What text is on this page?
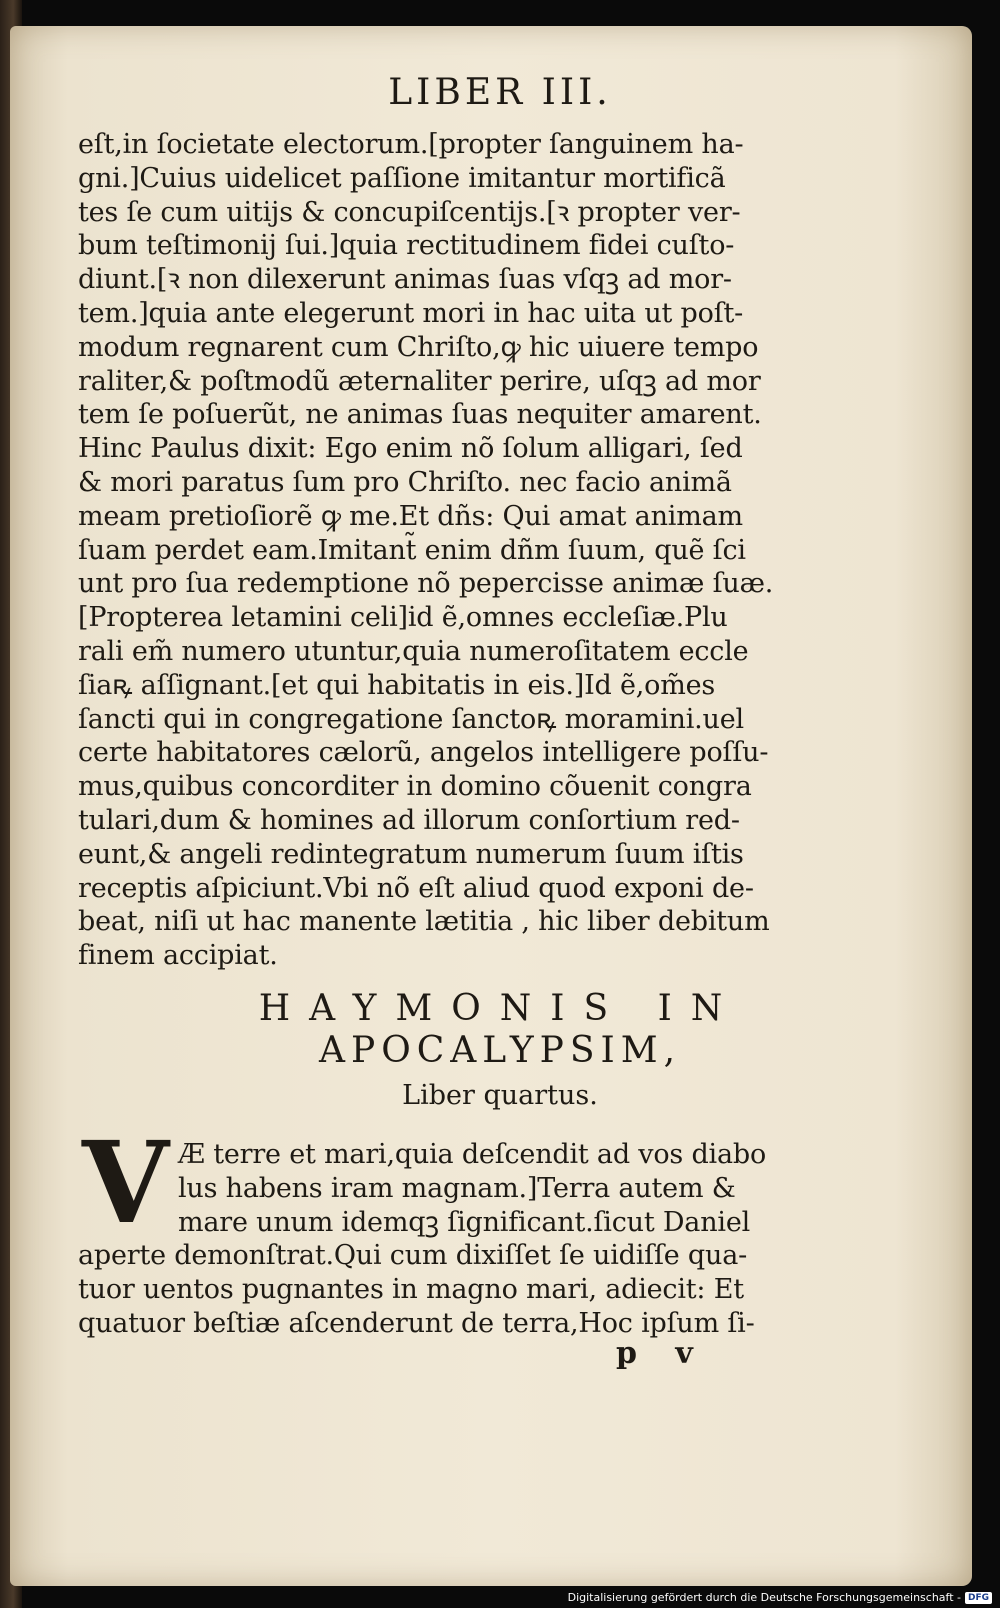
LIBER III.
eſt,in ſocietate electorum.[propter ſanguinem ha-
gni.]Cuius uidelicet paſſione imitantur mortificã
tes ſe cum uitijs & concupiſcentijs.[ꝛ propter ver-
bum teſtimonij ſui.]quia rectitudinem fidei cuſto-
diunt.[ꝛ non dilexerunt animas ſuas vſqꝫ ad mor-
tem.]quia ante elegerunt mori in hac uita ut poſt-
modum regnarent cum Chriſto,ꝙ hic uiuere tempo
raliter,& poſtmodũ æternaliter perire, uſqꝫ ad mor
tem ſe poſuerũt, ne animas ſuas nequiter amarent.
Hinc Paulus dixit: Ego enim nõ ſolum alligari, ſed
& mori paratus ſum pro Chriſto. nec facio animã
meam pretioſiorẽ ꝙ me.Et dñs: Qui amat animam
ſuam perdet eam.Imitant̃ enim dñm ſuum, quẽ ſci
unt pro ſua redemptione nõ pepercisse animæ ſuæ.
[Propterea letamini celi]id ẽ,omnes eccleſiæ.Plu
rali em̃ numero utuntur,quia numeroſitatem eccle
ſiaꝶ aſſignant.[et qui habitatis in eis.]Id ẽ,om̃es
ſancti qui in congregatione ſanctoꝶ moramini.uel
certe habitatores cælorũ, angelos intelligere poſſu-
mus,quibus concorditer in domino cõuenit congra
tulari,dum & homines ad illorum conſortium red-
eunt,& angeli redintegratum numerum ſuum iſtis
receptis aſpiciunt.Vbi nõ eſt aliud quod exponi de-
beat, niſi ut hac manente lætitia , hic liber debitum
finem accipiat.
HAYMONIS IN
APOCALYPSIM,
Liber quartus.
V Æ terre et mari,quia deſcendit ad vos diabo
lus habens iram magnam.]Terra autem &
mare unum idemqꝫ ſignificant.ſicut Daniel
aperte demonſtrat.Qui cum dixiſſet ſe uidiſſe qua-
tuor uentos pugnantes in magno mari, adiecit: Et
quatuor beſtiæ aſcenderunt de terra,Hoc ipſum ſi-
p v
Digitalisierung gefördert durch die Deutsche Forschungsgemeinschaft - DFG
